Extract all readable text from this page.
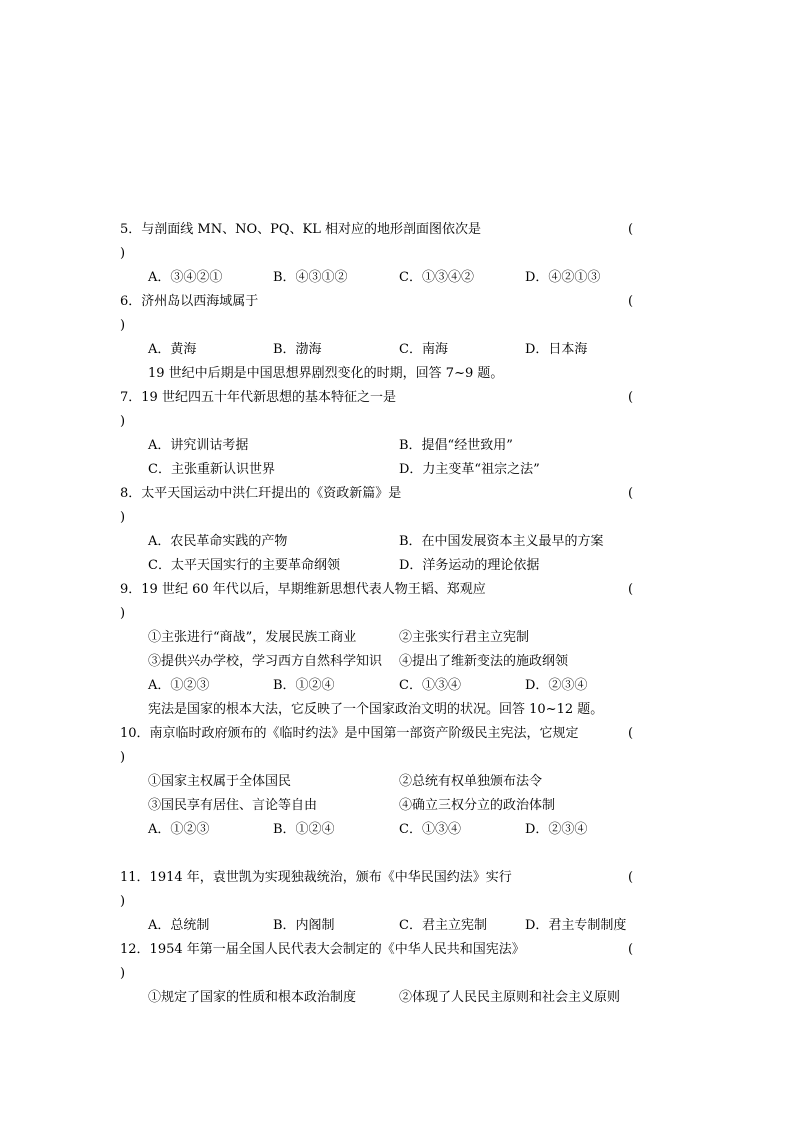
5．与剖面线 MN、NO、PQ、KL 相对应的地形剖面图依次是	(
)
A．③④②①	B．④③①②	C．①③④②	D．④②①③
6．济州岛以西海域属于	(
)
A．黄海	B．渤海	C．南海	D．日本海
19 世纪中后期是中国思想界剧烈变化的时期，回答 7~9 题。
7．19 世纪四五十年代新思想的基本特征之一是	(
)
A．讲究训诂考据	B．提倡“经世致用”
C．主张重新认识世界	D．力主变革“祖宗之法”
8．太平天国运动中洪仁玕提出的《资政新篇》是	(
)
A．农民革命实践的产物	B．在中国发展资本主义最早的方案
C．太平天国实行的主要革命纲领	D．洋务运动的理论依据
9．19 世纪 60 年代以后，早期维新思想代表人物王韬、郑观应	(
)
①主张进行“商战”，发展民族工商业	②主张实行君主立宪制
③提供兴办学校，学习西方自然科学知识 ④提出了维新变法的施政纲领
A．①②③	B．①②④	C．①③④	D．②③④
宪法是国家的根本大法，它反映了一个国家政治文明的状况。回答 10~12 题。
10．南京临时政府颁布的《临时约法》是中国第一部资产阶级民主宪法，它规定	(
)
①国家主权属于全体国民	②总统有权单独颁布法令
③国民享有居住、言论等自由	④确立三权分立的政治体制
A．①②③	B．①②④	C．①③④	D．②③④
11．1914 年，袁世凯为实现独裁统治，颁布《中华民国约法》实行	(
)
A．总统制	B．内阁制	C．君主立宪制	D．君主专制制度
12．1954 年第一届全国人民代表大会制定的《中华人民共和国宪法》	(
)
①规定了国家的性质和根本政治制度	②体现了人民民主原则和社会主义原则
